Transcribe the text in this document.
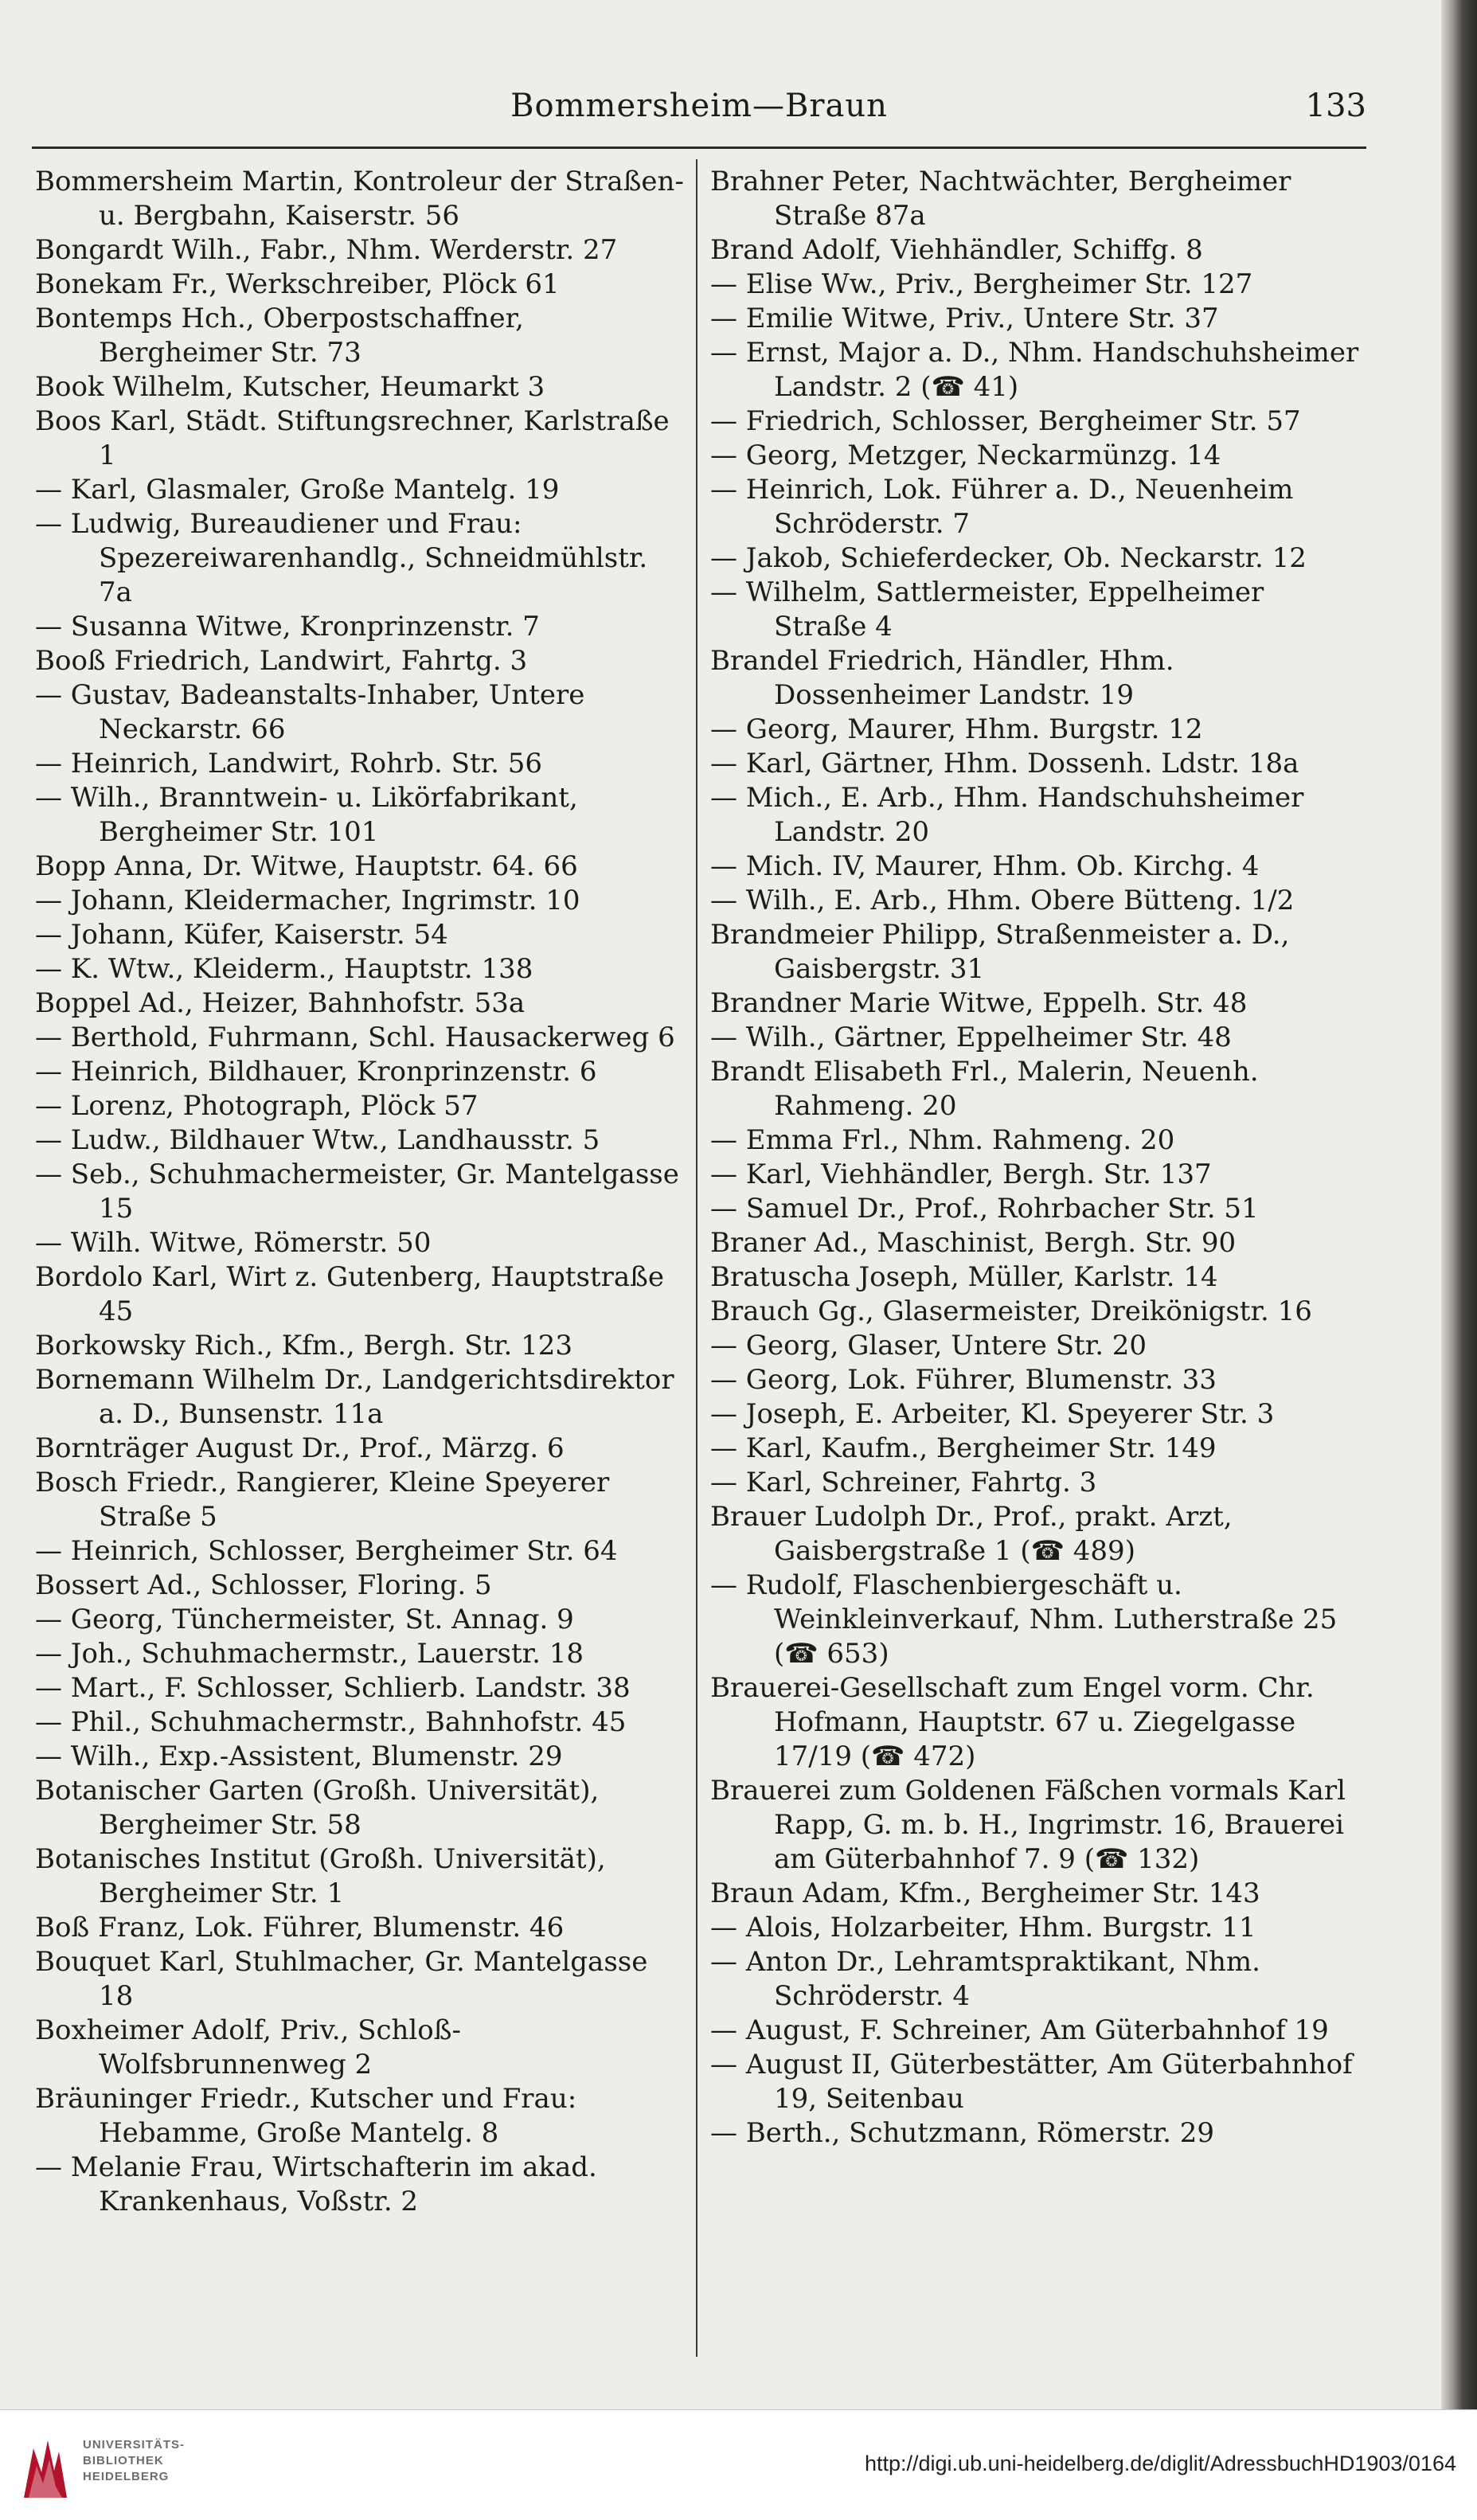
Bommersheim—Braun	133

Bommersheim Martin, Kontroleur der Straßen- u. Bergbahn, Kaiserstr. 56

Bongardt Wilh., Fabr., Nhm. Werderstr. 27

Bonekam Fr., Werkschreiber, Plöck 61

Bontemps Hch., Oberpostschaffner, Bergheimer Str. 73

Book Wilhelm, Kutscher, Heumarkt 3

Boos Karl, Städt. Stiftungsrechner, Karlstraße 1

— Karl, Glasmaler, Große Mantelg. 19

— Ludwig, Bureaudiener und Frau: Spezereiwarenhandlg., Schneidmühlstr. 7a

— Susanna Witwe, Kronprinzenstr. 7

Booß Friedrich, Landwirt, Fahrtg. 3

— Gustav, Badeanstalts-Inhaber, Untere Neckarstr. 66

— Heinrich, Landwirt, Rohrb. Str. 56

— Wilh., Branntwein- u. Likörfabrikant, Bergheimer Str. 101

Bopp Anna, Dr. Witwe, Hauptstr. 64. 66

— Johann, Kleidermacher, Ingrimstr. 10

— Johann, Küfer, Kaiserstr. 54

— K. Wtw., Kleiderm., Hauptstr. 138

Boppel Ad., Heizer, Bahnhofstr. 53a

— Berthold, Fuhrmann, Schl. Hausackerweg 6

— Heinrich, Bildhauer, Kronprinzenstr. 6

— Lorenz, Photograph, Plöck 57

— Ludw., Bildhauer Wtw., Landhausstr. 5

— Seb., Schuhmachermeister, Gr. Mantelgasse 15

— Wilh. Witwe, Römerstr. 50

Bordolo Karl, Wirt z. Gutenberg, Hauptstraße 45

Borkowsky Rich., Kfm., Bergh. Str. 123

Bornemann Wilhelm Dr., Landgerichtsdirektor a. D., Bunsenstr. 11a

Bornträger August Dr., Prof., Märzg. 6

Bosch Friedr., Rangierer, Kleine Speyerer Straße 5

— Heinrich, Schlosser, Bergheimer Str. 64

Bossert Ad., Schlosser, Floring. 5

— Georg, Tünchermeister, St. Annag. 9

— Joh., Schuhmachermstr., Lauerstr. 18

— Mart., F. Schlosser, Schlierb. Landstr. 38

— Phil., Schuhmachermstr., Bahnhofstr. 45

— Wilh., Exp.-Assistent, Blumenstr. 29

Botanischer Garten (Großh. Universität), Bergheimer Str. 58

Botanisches Institut (Großh. Universität), Bergheimer Str. 1

Boß Franz, Lok. Führer, Blumenstr. 46

Bouquet Karl, Stuhlmacher, Gr. Mantelgasse 18

Boxheimer Adolf, Priv., Schloß-Wolfsbrunnenweg 2

Bräuninger Friedr., Kutscher und Frau: Hebamme, Große Mantelg. 8

— Melanie Frau, Wirtschafterin im akad. Krankenhaus, Voßstr. 2

Brahner Peter, Nachtwächter, Bergheimer Straße 87a

Brand Adolf, Viehhändler, Schiffg. 8

— Elise Ww., Priv., Bergheimer Str. 127

— Emilie Witwe, Priv., Untere Str. 37

— Ernst, Major a. D., Nhm. Handschuhsheimer Landstr. 2 (☎ 41)

— Friedrich, Schlosser, Bergheimer Str. 57

— Georg, Metzger, Neckarmünzg. 14

— Heinrich, Lok. Führer a. D., Neuenheim Schröderstr. 7

— Jakob, Schieferdecker, Ob. Neckarstr. 12

— Wilhelm, Sattlermeister, Eppelheimer Straße 4

Brandel Friedrich, Händler, Hhm. Dossenheimer Landstr. 19

— Georg, Maurer, Hhm. Burgstr. 12

— Karl, Gärtner, Hhm. Dossenh. Ldstr. 18a

— Mich., E. Arb., Hhm. Handschuhsheimer Landstr. 20

— Mich. IV, Maurer, Hhm. Ob. Kirchg. 4

— Wilh., E. Arb., Hhm. Obere Bütteng. 1/2

Brandmeier Philipp, Straßenmeister a. D., Gaisbergstr. 31

Brandner Marie Witwe, Eppelh. Str. 48

— Wilh., Gärtner, Eppelheimer Str. 48

Brandt Elisabeth Frl., Malerin, Neuenh. Rahmeng. 20

— Emma Frl., Nhm. Rahmeng. 20

— Karl, Viehhändler, Bergh. Str. 137

— Samuel Dr., Prof., Rohrbacher Str. 51

Braner Ad., Maschinist, Bergh. Str. 90

Bratuscha Joseph, Müller, Karlstr. 14

Brauch Gg., Glasermeister, Dreikönigstr. 16

— Georg, Glaser, Untere Str. 20

— Georg, Lok. Führer, Blumenstr. 33

— Joseph, E. Arbeiter, Kl. Speyerer Str. 3

— Karl, Kaufm., Bergheimer Str. 149

— Karl, Schreiner, Fahrtg. 3

Brauer Ludolph Dr., Prof., prakt. Arzt, Gaisbergstraße 1 (☎ 489)

— Rudolf, Flaschenbiergeschäft u. Weinkleinverkauf, Nhm. Lutherstraße 25 (☎ 653)

Brauerei-Gesellschaft zum Engel vorm. Chr. Hofmann, Hauptstr. 67 u. Ziegelgasse 17/19 (☎ 472)

Brauerei zum Goldenen Fäßchen vormals Karl Rapp, G. m. b. H., Ingrimstr. 16, Brauerei am Güterbahnhof 7. 9 (☎ 132)

Braun Adam, Kfm., Bergheimer Str. 143

— Alois, Holzarbeiter, Hhm. Burgstr. 11

— Anton Dr., Lehramtspraktikant, Nhm. Schröderstr. 4

— August, F. Schreiner, Am Güterbahnhof 19

— August II, Güterbestätter, Am Güterbahnhof 19, Seitenbau

— Berth., Schutzmann, Römerstr. 29

UNIVERSITÄTS-
BIBLIOTHEK
HEIDELBERG
http://digi.ub.uni-heidelberg.de/diglit/AdressbuchHD1903/0164
